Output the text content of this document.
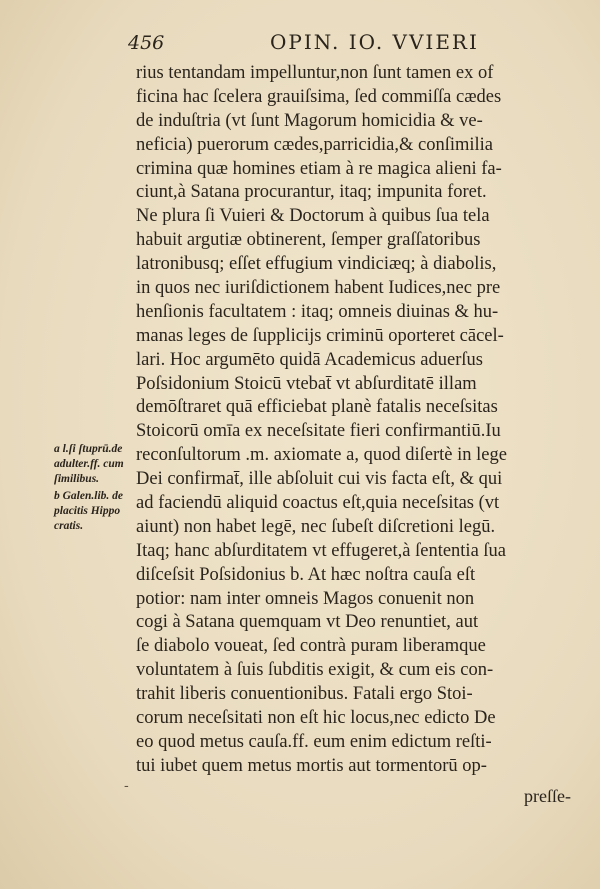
456	OPIN. IO. VVIERI
rius tentandam impelluntur,non ſunt tamen ex of
ficina hac ſcelera grauiſsima, ſed commiſſa cædes
de induſtria (vt ſunt Magorum homicidia & ve-
neficia) puerorum cædes,parricidia,& conſimilia
crimina quæ homines etiam à re magica alieni fa-
ciunt,à Satana procurantur, itaq; impunita foret.
Ne plura ſi Vuieri & Doctorum à quibus ſua tela
habuit argutiæ obtinerent, ſemper graſſatoribus
latronibusq; eſſet effugium vindiciæq; à diabolis,
in quos nec iuriſdictionem habent Iudices,nec pre
henſionis facultatem : itaq; omneis diuinas & hu-
manas leges de ſupplicijs criminū oporteret cācel-
lari. Hoc argumēto quidā Academicus aduerſus
Poſsidonium Stoicū vtebat̄ vt abſurditatē illam
demōſtraret quā efficiebat planè fatalis neceſsitas
Stoicorū omīa ex neceſsitate fieri confirmantiū.Iu
reconſultorum .m. axiomate a, quod diſertè in lege
Dei confirmat̄, ille abſoluit cui vis facta eſt, & qui
ad faciendū aliquid coactus eſt,quia neceſsitas (vt
aiunt) non habet legē, nec ſubeſt diſcretioni legū.
Itaq; hanc abſurditatem vt effugeret,à ſententia ſua
diſceſsit Poſsidonius b. At hæc noſtra cauſa eſt
potior: nam inter omneis Magos conuenit non
cogi à Satana quemquam vt Deo renuntiet, aut
ſe diabolo voueat, ſed contrà puram liberamque
voluntatem à ſuis ſubditis exigit, & cum eis con-
trahit liberis conuentionibus. Fatali ergo Stoi-
corum neceſsitati non eſt hic locus,nec edicto De
eo quod metus cauſa.ff. eum enim edictum reſti-
tui iubet quem metus mortis aut tormentorū op-
a l.ſi ſtuprū.de adulter.ff. cum ſimilibus.
b Galen.lib. de placitis Hippo cratis.
-	preſſe-
